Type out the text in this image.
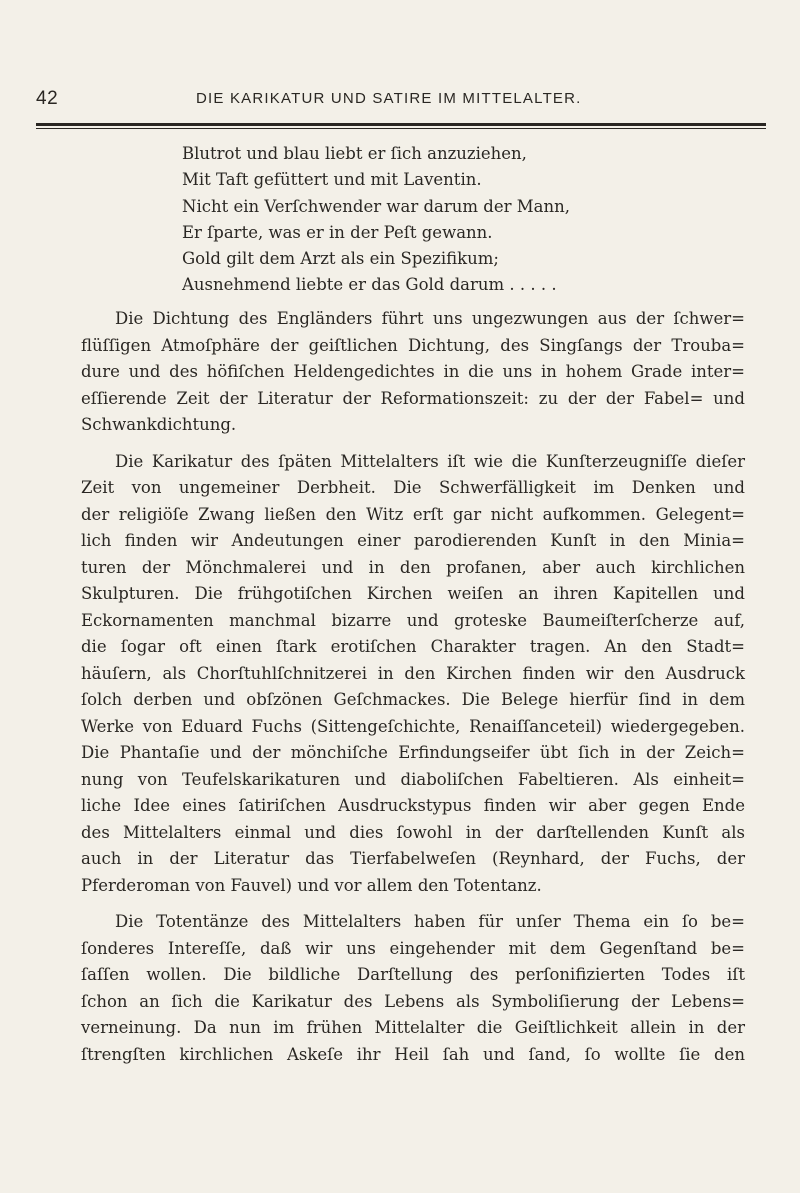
42	DIE KARIKATUR UND SATIRE IM MITTELALTER.
Blutrot und blau liebt er ſich anzuziehen,
Mit Taft gefüttert und mit Laventin.
Nicht ein Verſchwender war darum der Mann,
Er ſparte, was er in der Peſt gewann.
Gold gilt dem Arzt als ein Spezifikum;
Ausnehmend liebte er das Gold darum . . . . .

Die Dichtung des Engländers führt uns ungezwungen aus der ſchwer=
flüſſigen Atmoſphäre der geiſtlichen Dichtung, des Singſangs der Trouba=
dure und des höfiſchen Heldengedichtes in die uns in hohem Grade inter=
eſſierende Zeit der Literatur der Reformationszeit: zu der der Fabel= und
Schwankdichtung.

Die Karikatur des ſpäten Mittelalters iſt wie die Kunſterzeugniſſe dieſer
Zeit von ungemeiner Derbheit. Die Schwerfälligkeit im Denken und
der religiöſe Zwang ließen den Witz erſt gar nicht aufkommen. Gelegent=
lich finden wir Andeutungen einer parodierenden Kunſt in den Minia=
turen der Mönchmalerei und in den profanen, aber auch kirchlichen
Skulpturen. Die frühgotiſchen Kirchen weiſen an ihren Kapitellen und
Eckornamenten manchmal bizarre und groteske Baumeiſterſcherze auf,
die ſogar oft einen ſtark erotiſchen Charakter tragen. An den Stadt=
häuſern, als Chorſtuhlſchnitzerei in den Kirchen finden wir den Ausdruck
ſolch derben und obſzönen Geſchmackes. Die Belege hierfür ſind in dem
Werke von Eduard Fuchs (Sittengeſchichte, Renaiſſanceteil) wiedergegeben.
Die Phantaſie und der mönchiſche Erfindungseifer übt ſich in der Zeich=
nung von Teufelskarikaturen und diaboliſchen Fabeltieren. Als einheit=
liche Idee eines ſatiriſchen Ausdruckstypus finden wir aber gegen Ende
des Mittelalters einmal und dies ſowohl in der darſtellenden Kunſt als
auch in der Literatur das Tierfabelweſen (Reynhard, der Fuchs, der
Pferderoman von Fauvel) und vor allem den Totentanz.

Die Totentänze des Mittelalters haben für unſer Thema ein ſo be=
ſonderes Intereſſe, daß wir uns eingehender mit dem Gegenſtand be=
ſaſſen wollen. Die bildliche Darſtellung des perſonifizierten Todes iſt
ſchon an ſich die Karikatur des Lebens als Symboliſierung der Lebens=
verneinung. Da nun im frühen Mittelalter die Geiſtlichkeit allein in der
ſtrengſten kirchlichen Askeſe ihr Heil ſah und ſand, ſo wollte ſie den
